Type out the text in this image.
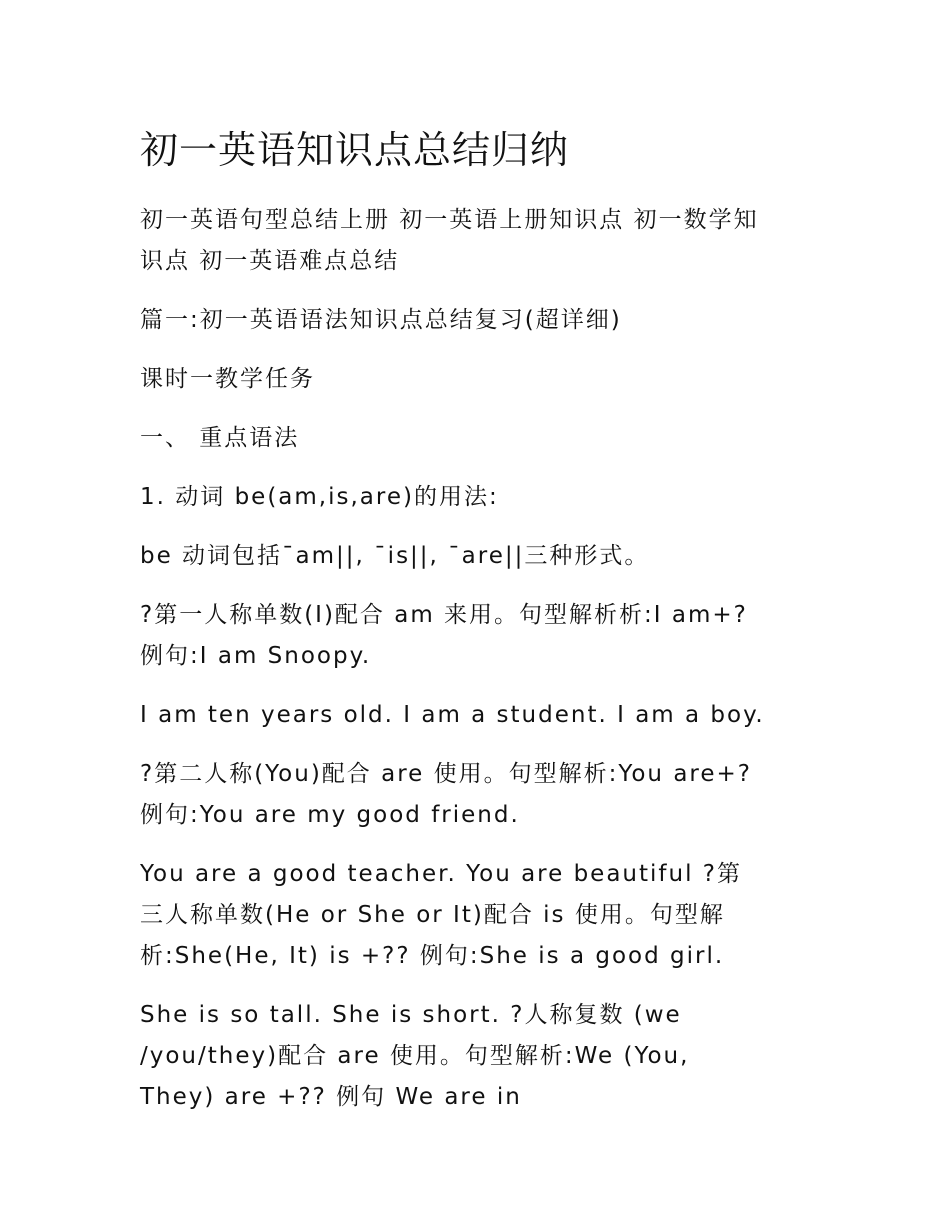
初一英语知识点总结归纳

初一英语句型总结上册 初一英语上册知识点 初一数学知
识点 初一英语难点总结

篇一:初一英语语法知识点总结复习(超详细)

课时一教学任务

一、 重点语法

1. 动词 be(am,is,are)的用法:

be 动词包括¯am||, ¯is||, ¯are||三种形式。

?第一人称单数(I)配合 am 来用。句型解析析:I am+?
例句:I am Snoopy.

I am ten years old. I am a student. I am a boy.

?第二人称(You)配合 are 使用。句型解析:You are+?
例句:You are my good friend.

You are a good teacher. You are beautiful ?第
三人称单数(He or She or It)配合 is 使用。句型解
析:She(He, It) is +?? 例句:She is a good girl.

She is so tall. She is short. ?人称复数 (we
/you/they)配合 are 使用。句型解析:We (You,
They) are +?? 例句 We are in
